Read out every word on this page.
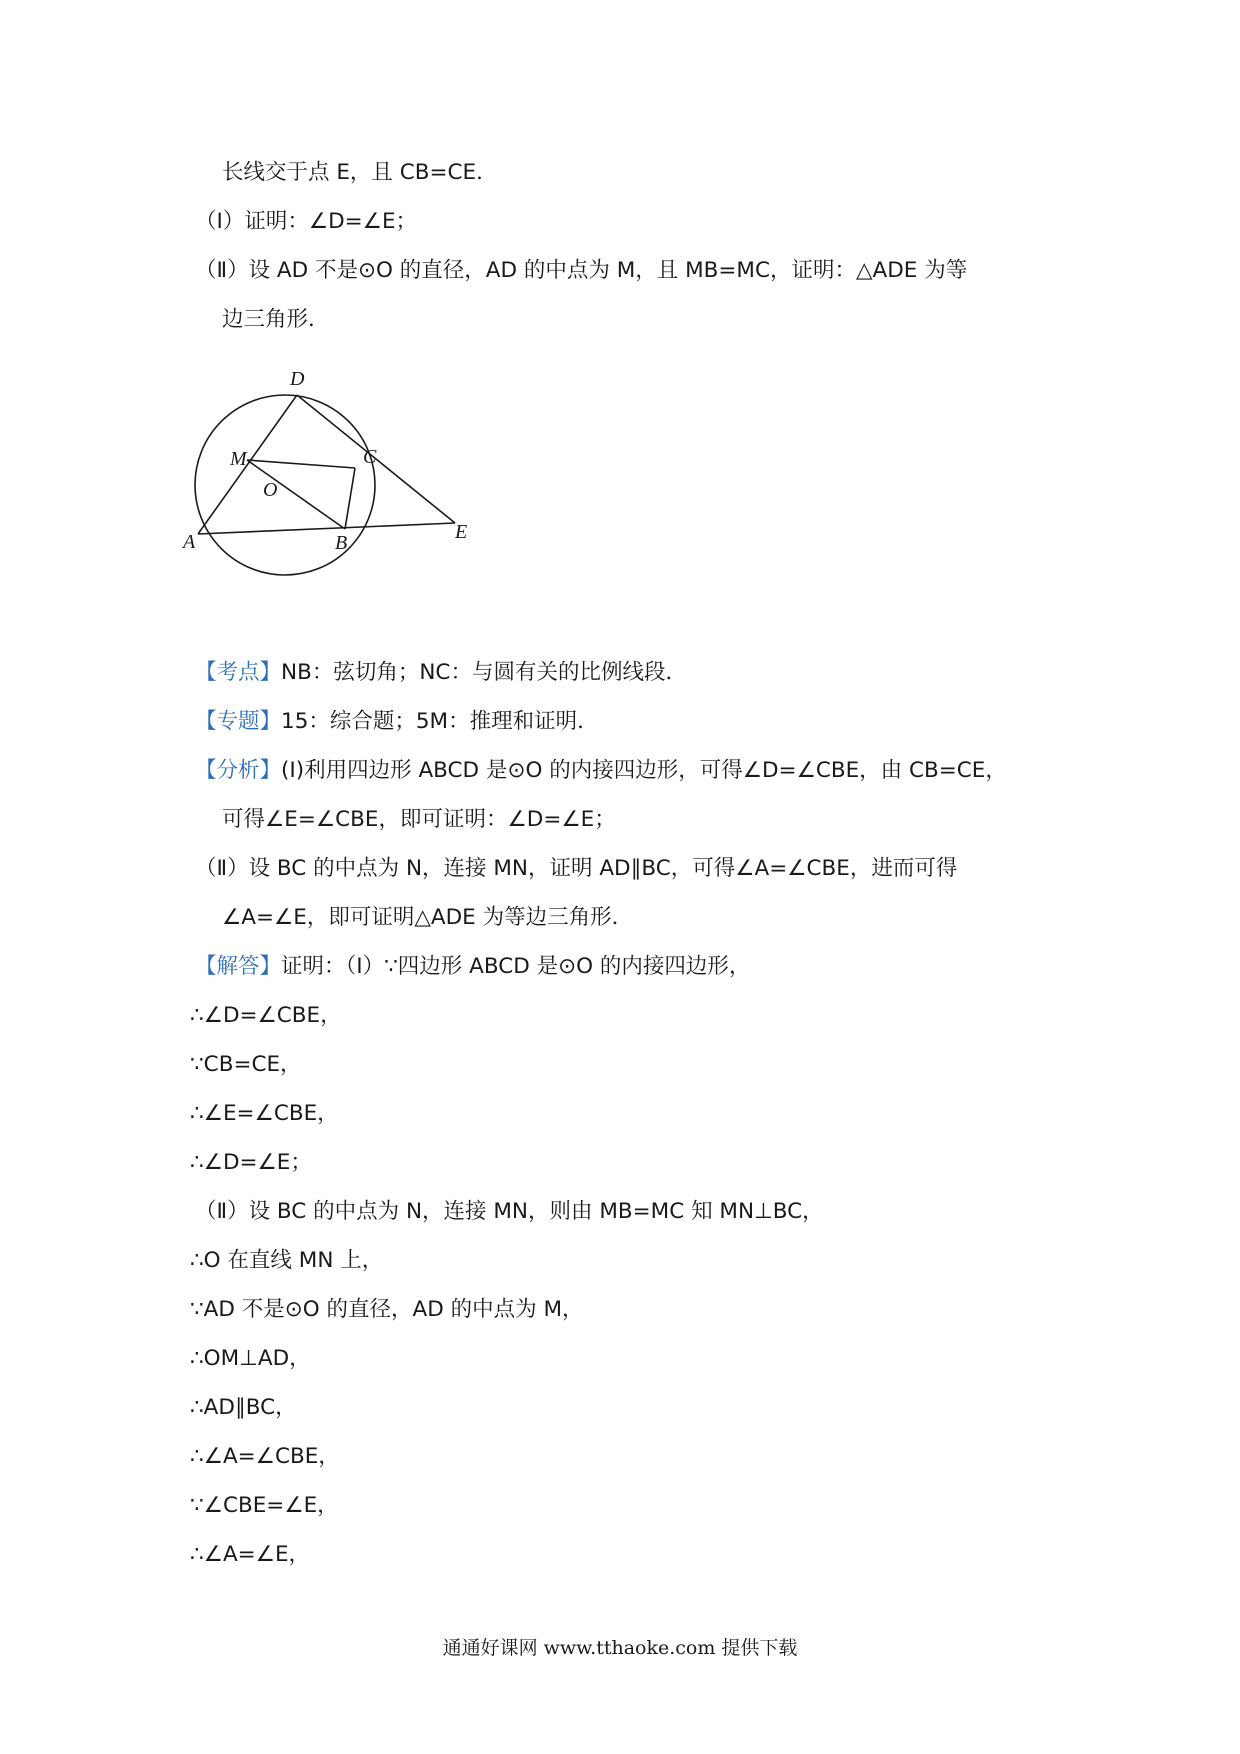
长线交于点 E，且 CB=CE．
（Ⅰ）证明：∠D=∠E；
（Ⅱ）设 AD 不是⊙O 的直径，AD 的中点为 M，且 MB=MC，证明：△ADE 为等
边三角形．
D
M	C
O
A	B	E
【考点】NB：弦切角；NC：与圆有关的比例线段．
【专题】15：综合题；5M：推理和证明．
【分析】(Ⅰ)利用四边形 ABCD 是⊙O 的内接四边形，可得∠D=∠CBE，由 CB=CE，
可得∠E=∠CBE，即可证明：∠D=∠E；
（Ⅱ）设 BC 的中点为 N，连接 MN，证明 AD∥BC，可得∠A=∠CBE，进而可得
∠A=∠E，即可证明△ADE 为等边三角形．
【解答】证明：（Ⅰ）∵四边形 ABCD 是⊙O 的内接四边形，
∴∠D=∠CBE，
∵CB=CE，
∴∠E=∠CBE，
∴∠D=∠E；
（Ⅱ）设 BC 的中点为 N，连接 MN，则由 MB=MC 知 MN⊥BC，
∴O 在直线 MN 上，
∵AD 不是⊙O 的直径，AD 的中点为 M，
∴OM⊥AD，
∴AD∥BC，
∴∠A=∠CBE，
∵∠CBE=∠E，
∴∠A=∠E，
通通好课网 www.tthaoke.com 提供下载
